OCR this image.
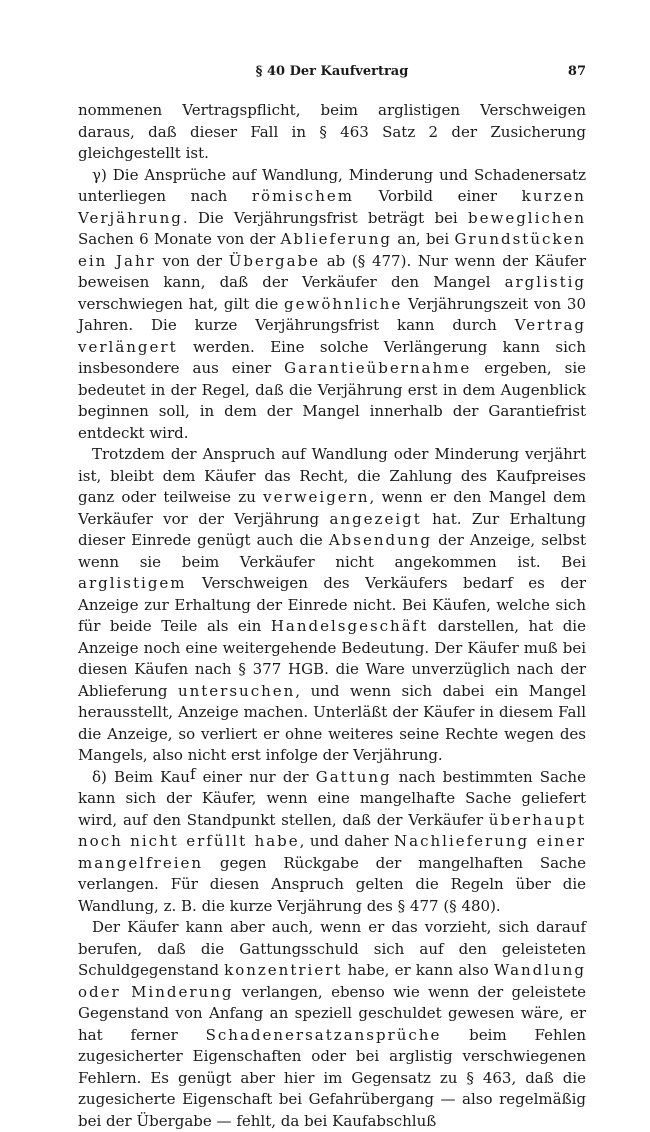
§ 40 Der Kaufvertrag	87

nommenen Vertragspflicht, beim arglistigen Verschweigen daraus, daß dieser Fall in § 463 Satz 2 der Zusicherung gleichgestellt ist.

γ) Die Ansprüche auf Wandlung, Minderung und Schadenersatz unterliegen nach römischem Vorbild einer kurzen Verjährung. Die Verjährungsfrist beträgt bei beweglichen Sachen 6 Monate von der Ablieferung an, bei Grundstücken ein Jahr von der Übergabe ab (§ 477). Nur wenn der Käufer beweisen kann, daß der Verkäufer den Mangel arglistig verschwiegen hat, gilt die gewöhnliche Verjährungszeit von 30 Jahren. Die kurze Verjährungsfrist kann durch Vertrag verlängert werden. Eine solche Verlängerung kann sich insbesondere aus einer Garantieübernahme ergeben, sie bedeutet in der Regel, daß die Verjährung erst in dem Augenblick beginnen soll, in dem der Mangel innerhalb der Garantiefrist entdeckt wird.

Trotzdem der Anspruch auf Wandlung oder Minderung verjährt ist, bleibt dem Käufer das Recht, die Zahlung des Kaufpreises ganz oder teilweise zu verweigern, wenn er den Mangel dem Verkäufer vor der Verjährung angezeigt hat. Zur Erhaltung dieser Einrede genügt auch die Absendung der Anzeige, selbst wenn sie beim Verkäufer nicht angekommen ist. Bei arglistigem Verschweigen des Verkäufers bedarf es der Anzeige zur Erhaltung der Einrede nicht. Bei Käufen, welche sich für beide Teile als ein Handelsgeschäft darstellen, hat die Anzeige noch eine weitergehende Bedeutung. Der Käufer muß bei diesen Käufen nach § 377 HGB. die Ware unverzüglich nach der Ablieferung untersuchen, und wenn sich dabei ein Mangel herausstellt, Anzeige machen. Unterläßt der Käufer in diesem Fall die Anzeige, so verliert er ohne weiteres seine Rechte wegen des Mangels, also nicht erst infolge der Verjährung.

δ) Beim Kauf einer nur der Gattung nach bestimmten Sache kann sich der Käufer, wenn eine mangelhafte Sache geliefert wird, auf den Standpunkt stellen, daß der Verkäufer überhaupt noch nicht erfüllt habe, und daher Nachlieferung einer mangelfreien gegen Rückgabe der mangelhaften Sache verlangen. Für diesen Anspruch gelten die Regeln über die Wandlung, z. B. die kurze Verjährung des § 477 (§ 480).

Der Käufer kann aber auch, wenn er das vorzieht, sich darauf berufen, daß die Gattungsschuld sich auf den geleisteten Schuldgegenstand konzentriert habe, er kann also Wandlung oder Minderung verlangen, ebenso wie wenn der geleistete Gegenstand von Anfang an speziell geschuldet gewesen wäre, er hat ferner Schadenersatzansprüche beim Fehlen zugesicherter Eigenschaften oder bei arglistig verschwiegenen Fehlern. Es genügt aber hier im Gegensatz zu § 463, daß die zugesicherte Eigenschaft bei Gefahrübergang — also regelmäßig bei der Übergabe — fehlt, da bei Kaufabschluß
